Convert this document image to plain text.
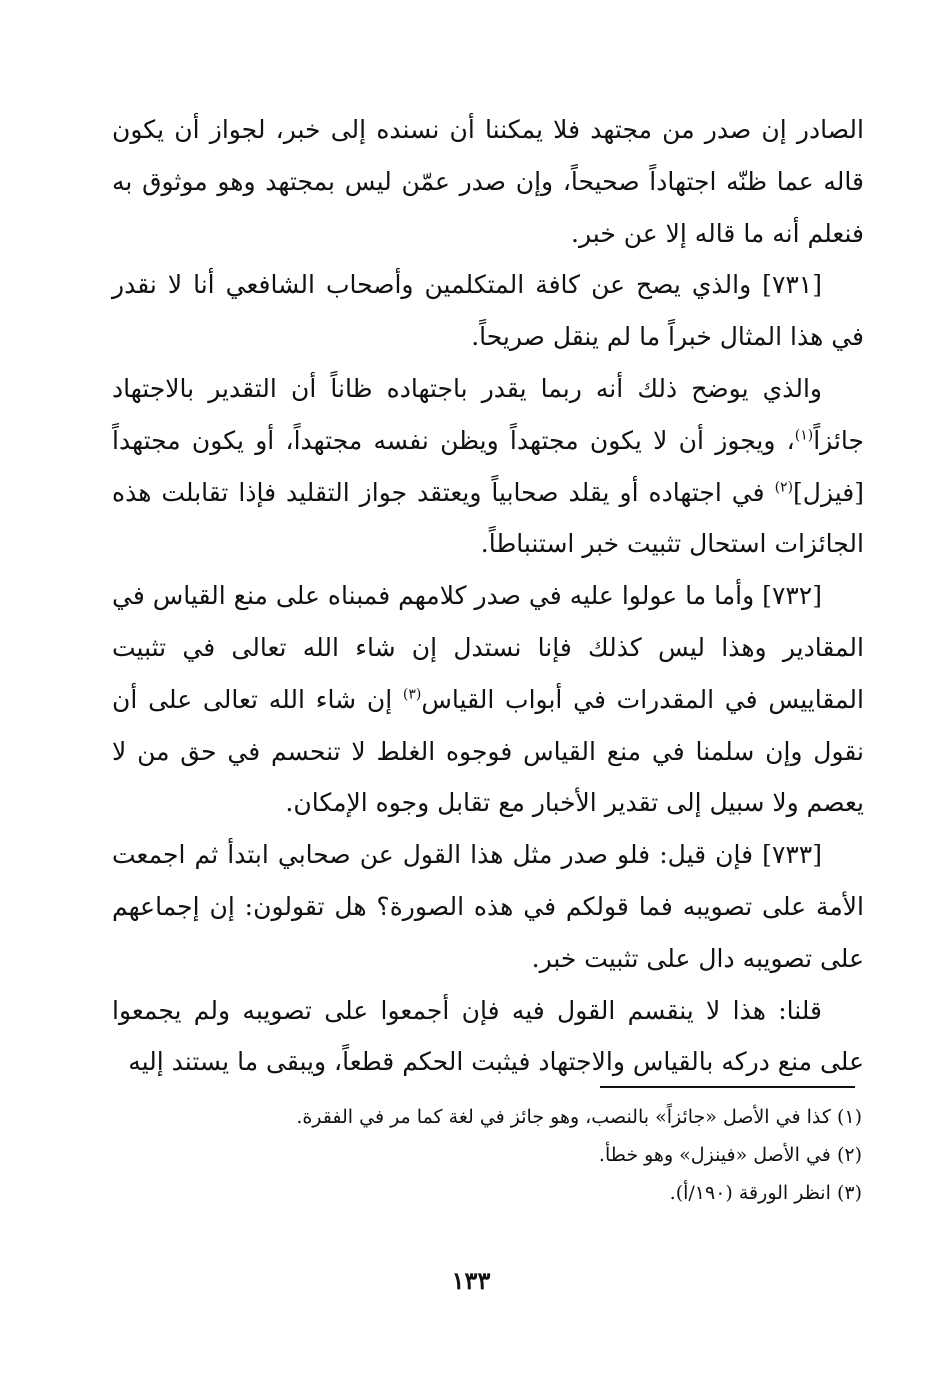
الصادر إن صدر من مجتهد فلا يمكننا أن نسنده إلى خبر، لجواز أن يكون قاله عما ظنّه اجتهاداً صحيحاً، وإن صدر عمّن ليس بمجتهد وهو موثوق به فنعلم أنه ما قاله إلا عن خبر.

[٧٣١] والذي يصح عن كافة المتكلمين وأصحاب الشافعي أنا لا نقدر في هذا المثال خبراً ما لم ينقل صريحاً.

والذي يوضح ذلك أنه ربما يقدر باجتهاده ظاناً أن التقدير بالاجتهاد جائزاً$^{(١)}$، ويجوز أن لا يكون مجتهداً ويظن نفسه مجتهداً، أو يكون مجتهداً [فيزل]$^{(٢)}$ في اجتهاده أو يقلد صحابياً ويعتقد جواز التقليد فإذا تقابلت هذه الجائزات استحال تثبيت خبر استنباطاً.

[٧٣٢] وأما ما عولوا عليه في صدر كلامهم فمبناه على منع القياس في المقادير وهذا ليس كذلك فإنا نستدل إن شاء الله تعالى في تثبيت المقاييس في المقدرات في أبواب القياس$^{(٣)}$ إن شاء الله تعالى على أن نقول وإن سلمنا في منع القياس فوجوه الغلط لا تنحسم في حق من لا يعصم ولا سبيل إلى تقدير الأخبار مع تقابل وجوه الإمكان.

[٧٣٣] فإن قيل: فلو صدر مثل هذا القول عن صحابي ابتدأ ثم اجمعت الأمة على تصويبه فما قولكم في هذه الصورة؟ هل تقولون: إن إجماعهم على تصويبه دال على تثبيت خبر.

قلنا: هذا لا ينقسم القول فيه فإن أجمعوا على تصويبه ولم يجمعوا على منع دركه بالقياس والاجتهاد فيثبت الحكم قطعاً، ويبقى ما يستند إليه

(١) كذا في الأصل «جائزاً» بالنصب، وهو جائز في لغة كما مر في الفقرة.

(٢) في الأصل «فينزل» وهو خطأ.

(٣) انظر الورقة (١٩٠/أ).

١٣٣
